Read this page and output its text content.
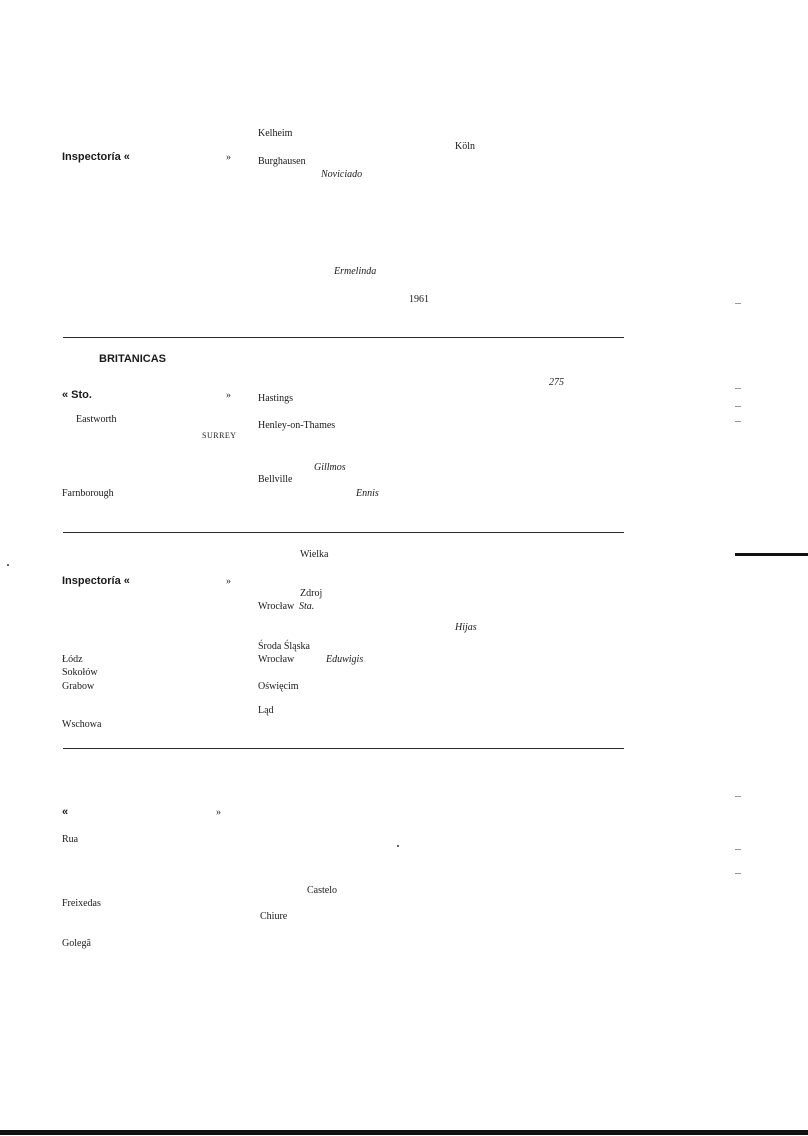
Kelheim
Köln
Inspectoría «	»	Burghausen
Noviciado
Ermelinda
1961
BRITANICAS
275
« Sto.	»	Hastings
Eastworth
Henley-on-Thames
SURREY
Gillmos
Bellville
Farnborough	Ennis
Wielka
Inspectoría «	»
Zdroj
Wrocław Sta.
Hijas
Środa Śląska
Łódz	Wrocław	Eduwigis
Sokołów
Grabow	Oświęcim
Ląd
Wschowa
«	»
Rua
Castelo
Freixedas
Chiure
Golegã
